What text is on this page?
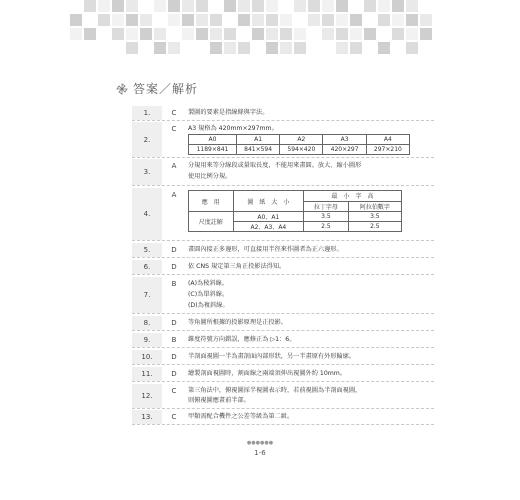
答案／解析
1.	C	製圖的要素是指線條與字法。
2.
C	A3 規格為 420mm×297mm。
A0	A1	A2	A3	A4
1189×841	841×594	594×420	420×297	297×210
3.
A	分規用來等分線段或量取長度，不能用來畫圓。放大、縮小圖形
使用比例分規。
4.
A
應　用	圖　紙　大　小	最　小　字　高	
		拉丁字母	阿拉伯數字
尺度註解	A0、A1	3.5	3.5
	A2、A3、A4	2.5	2.5
5.	D	畫圓內接正多邊形，可直接用半徑來作圖者為正六邊形。
6.	D	依 CNS 規定第三角正投影法得知。
7.
B	(A)為稜斜線。
(C)為單斜線。
(D)為複斜線。
8.	D	等角圖所根據的投影原理是正投影。
9.	B	錐度符號方向錯誤，應修正為 ▷1：6。
10.	D	半剖面視圖一半為畫剖面內部形狀，另一半畫原有外形輪廓。
11.	D	繪製剖面視圖時，割面線之兩端須伸出視圖外約 10mm。
12.
C	第三角法中，俯視圖採半視圖表示時，若前視圖為半剖面視圖，
則俯視圖應畫前半部。
13.	C	甲類需配合機件之公差等級為第二級。
●●●●●●
1-6
